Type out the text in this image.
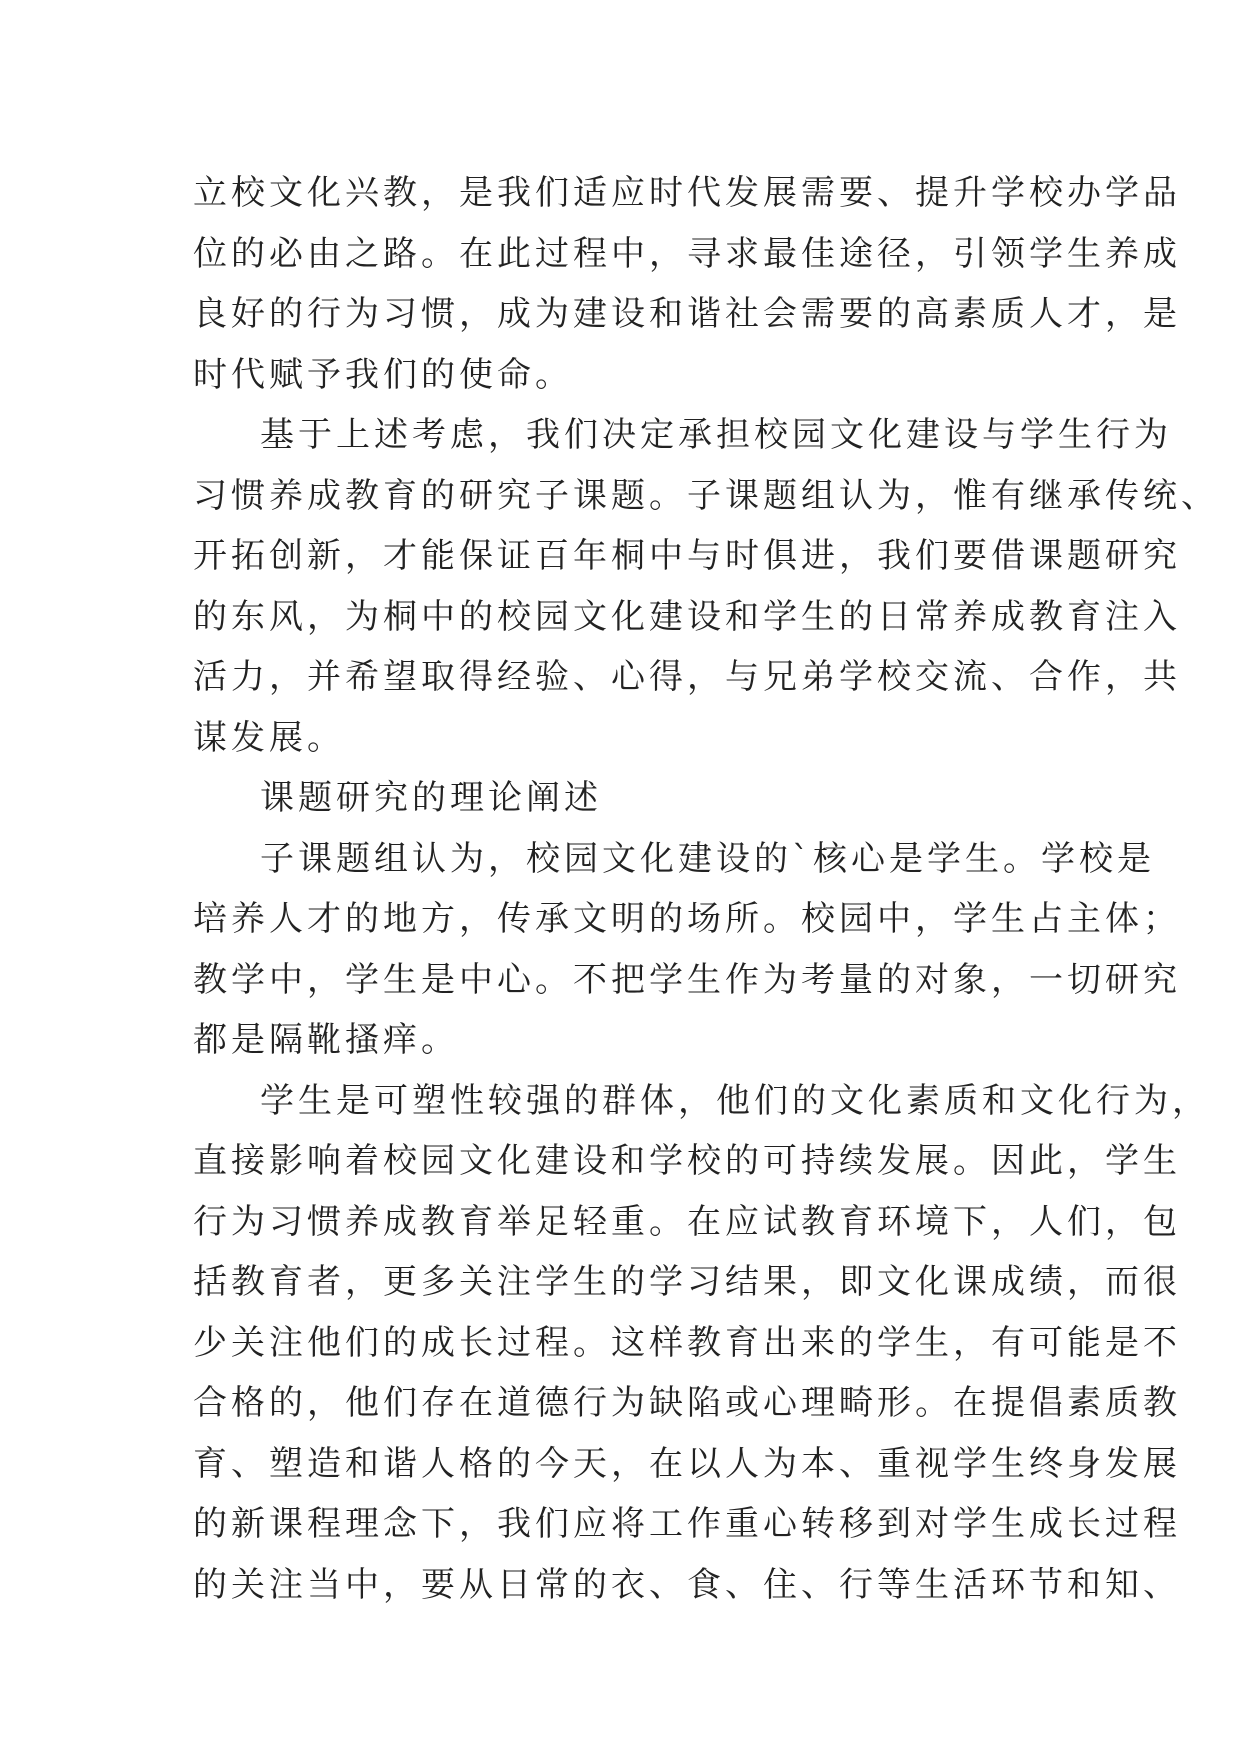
立校文化兴教，是我们适应时代发展需要、提升学校办学品
位的必由之路。在此过程中，寻求最佳途径，引领学生养成
良好的行为习惯，成为建设和谐社会需要的高素质人才，是
时代赋予我们的使命。
基于上述考虑，我们决定承担校园文化建设与学生行为
习惯养成教育的研究子课题。子课题组认为，惟有继承传统、
开拓创新，才能保证百年桐中与时俱进，我们要借课题研究
的东风，为桐中的校园文化建设和学生的日常养成教育注入
活力，并希望取得经验、心得，与兄弟学校交流、合作，共
谋发展。
课题研究的理论阐述
子课题组认为，校园文化建设的`核心是学生。学校是
培养人才的地方，传承文明的场所。校园中，学生占主体；
教学中，学生是中心。不把学生作为考量的对象，一切研究
都是隔靴搔痒。
学生是可塑性较强的群体，他们的文化素质和文化行为，
直接影响着校园文化建设和学校的可持续发展。因此，学生
行为习惯养成教育举足轻重。在应试教育环境下，人们，包
括教育者，更多关注学生的学习结果，即文化课成绩，而很
少关注他们的成长过程。这样教育出来的学生，有可能是不
合格的，他们存在道德行为缺陷或心理畸形。在提倡素质教
育、塑造和谐人格的今天，在以人为本、重视学生终身发展
的新课程理念下，我们应将工作重心转移到对学生成长过程
的关注当中，要从日常的衣、食、住、行等生活环节和知、
